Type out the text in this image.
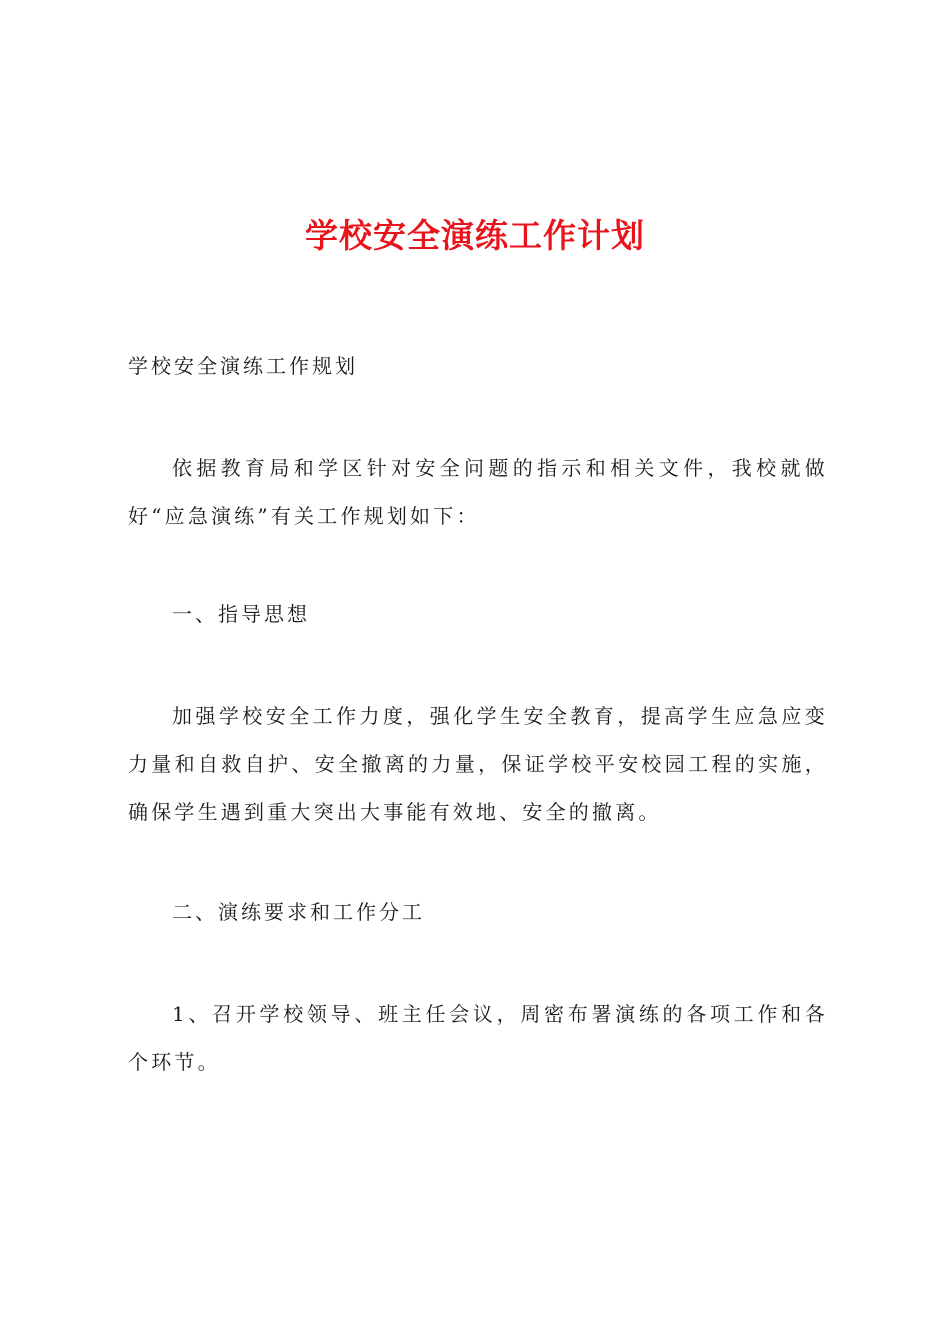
学校安全演练工作计划
学校安全演练工作规划

依据教育局和学区针对安全问题的指示和相关文件，我校就做好“应急演练”有关工作规划如下：

一、指导思想

加强学校安全工作力度，强化学生安全教育，提高学生应急应变力量和自救自护、安全撤离的力量，保证学校平安校园工程的实施，确保学生遇到重大突出大事能有效地、安全的撤离。

二、演练要求和工作分工

1、召开学校领导、班主任会议，周密布署演练的各项工作和各个环节。
